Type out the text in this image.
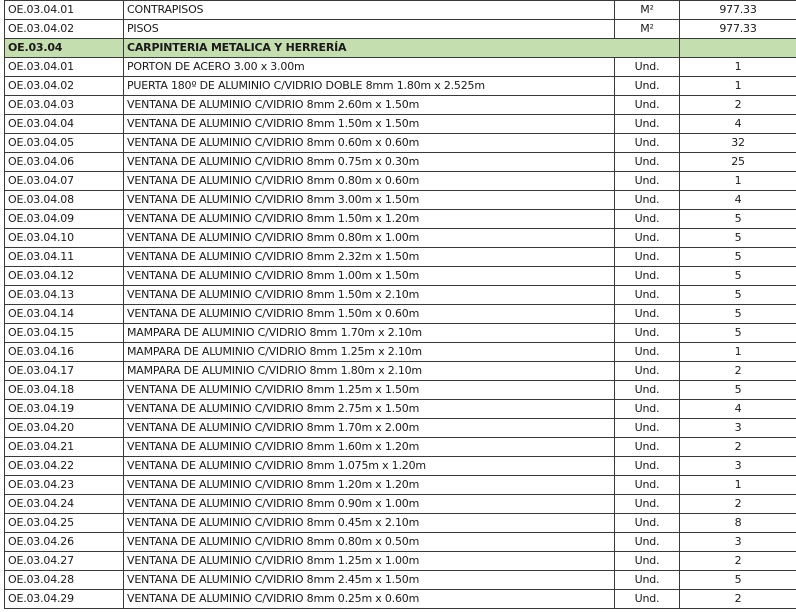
OE.03.04.01	CONTRAPISOS	M²	977.33
OE.03.04.02	PISOS	M²	977.33
OE.03.04	CARPINTERIA METALICA Y HERRERÍA		
OE.03.04.01	PORTON DE ACERO 3.00 x 3.00m	Und.	1
OE.03.04.02	PUERTA 180º DE ALUMINIO C/VIDRIO DOBLE 8mm 1.80m x 2.525m	Und.	1
OE.03.04.03	VENTANA DE ALUMINIO C/VIDRIO 8mm 2.60m x 1.50m	Und.	2
OE.03.04.04	VENTANA DE ALUMINIO C/VIDRIO 8mm 1.50m x 1.50m	Und.	4
OE.03.04.05	VENTANA DE ALUMINIO C/VIDRIO 8mm 0.60m x 0.60m	Und.	32
OE.03.04.06	VENTANA DE ALUMINIO C/VIDRIO 8mm 0.75m x 0.30m	Und.	25
OE.03.04.07	VENTANA DE ALUMINIO C/VIDRIO 8mm 0.80m x 0.60m	Und.	1
OE.03.04.08	VENTANA DE ALUMINIO C/VIDRIO 8mm 3.00m x 1.50m	Und.	4
OE.03.04.09	VENTANA DE ALUMINIO C/VIDRIO 8mm 1.50m x 1.20m	Und.	5
OE.03.04.10	VENTANA DE ALUMINIO C/VIDRIO 8mm 0.80m x 1.00m	Und.	5
OE.03.04.11	VENTANA DE ALUMINIO C/VIDRIO 8mm 2.32m x 1.50m	Und.	5
OE.03.04.12	VENTANA DE ALUMINIO C/VIDRIO 8mm 1.00m x 1.50m	Und.	5
OE.03.04.13	VENTANA DE ALUMINIO C/VIDRIO 8mm 1.50m x 2.10m	Und.	5
OE.03.04.14	VENTANA DE ALUMINIO C/VIDRIO 8mm 1.50m x 0.60m	Und.	5
OE.03.04.15	MAMPARA DE ALUMINIO C/VIDRIO 8mm 1.70m x 2.10m	Und.	5
OE.03.04.16	MAMPARA DE ALUMINIO C/VIDRIO 8mm 1.25m x 2.10m	Und.	1
OE.03.04.17	MAMPARA DE ALUMINIO C/VIDRIO 8mm 1.80m x 2.10m	Und.	2
OE.03.04.18	VENTANA DE ALUMINIO C/VIDRIO 8mm 1.25m x 1.50m	Und.	5
OE.03.04.19	VENTANA DE ALUMINIO C/VIDRIO 8mm 2.75m x 1.50m	Und.	4
OE.03.04.20	VENTANA DE ALUMINIO C/VIDRIO 8mm 1.70m x 2.00m	Und.	3
OE.03.04.21	VENTANA DE ALUMINIO C/VIDRIO 8mm 1.60m x 1.20m	Und.	2
OE.03.04.22	VENTANA DE ALUMINIO C/VIDRIO 8mm 1.075m x 1.20m	Und.	3
OE.03.04.23	VENTANA DE ALUMINIO C/VIDRIO 8mm 1.20m x 1.20m	Und.	1
OE.03.04.24	VENTANA DE ALUMINIO C/VIDRIO 8mm 0.90m x 1.00m	Und.	2
OE.03.04.25	VENTANA DE ALUMINIO C/VIDRIO 8mm 0.45m x 2.10m	Und.	8
OE.03.04.26	VENTANA DE ALUMINIO C/VIDRIO 8mm 0.80m x 0.50m	Und.	3
OE.03.04.27	VENTANA DE ALUMINIO C/VIDRIO 8mm 1.25m x 1.00m	Und.	2
OE.03.04.28	VENTANA DE ALUMINIO C/VIDRIO 8mm 2.45m x 1.50m	Und.	5
OE.03.04.29	VENTANA DE ALUMINIO C/VIDRIO 8mm 0.25m x 0.60m	Und.	2
